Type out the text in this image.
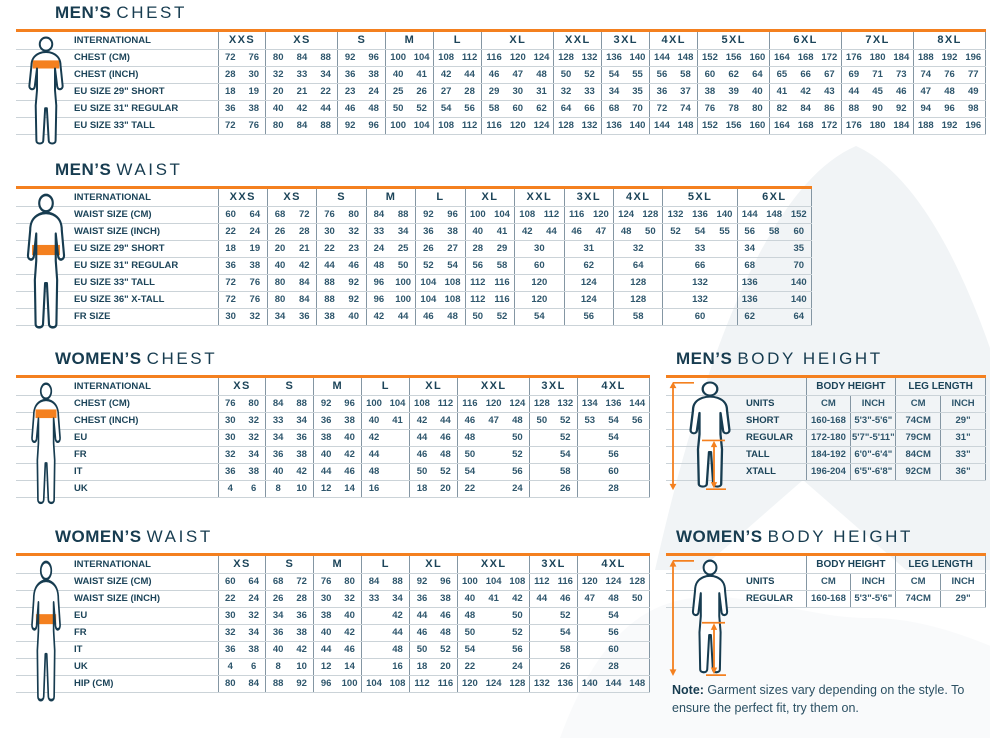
MEN’S CHEST
	INTERNATIONAL	XXS		XS			S		M		L		XL			XXL		3XL		4XL		5XL			6XL			7XL			8XL		
	CHEST (CM)	72	76	80	84	88	92	96	100	104	108	112	116	120	124	128	132	136	140	144	148	152	156	160	164	168	172	176	180	184	188	192	196
	CHEST (INCH)	28	30	32	33	34	36	38	40	41	42	44	46	47	48	50	52	54	55	56	58	60	62	64	65	66	67	69	71	73	74	76	77
	EU SIZE 29" SHORT	18	19	20	21	22	23	24	25	26	27	28	29	30	31	32	33	34	35	36	37	38	39	40	41	42	43	44	45	46	47	48	49
	EU SIZE 31" REGULAR	36	38	40	42	44	46	48	50	52	54	56	58	60	62	64	66	68	70	72	74	76	78	80	82	84	86	88	90	92	94	96	98
	EU SIZE 33" TALL	72	76	80	84	88	92	96	100	104	108	112	116	120	124	128	132	136	140	144	148	152	156	160	164	168	172	176	180	184	188	192	196
MEN’S WAIST
	INTERNATIONAL	XXS		XS		S		M		L		XL		XXL		3XL		4XL		5XL			6XL		
	WAIST SIZE (CM)	60	64	68	72	76	80	84	88	92	96	100	104	108	112	116	120	124	128	132	136	140	144	148	152
	WAIST SIZE (INCH)	22	24	26	28	30	32	33	34	36	38	40	41	42	44	46	47	48	50	52	54	55	56	58	60
	EU SIZE 29" SHORT	18	19	20	21	22	23	24	25	26	27	28	29	30		31		32		33			34		35
	EU SIZE 31" REGULAR	36	38	40	42	44	46	48	50	52	54	56	58	60		62		64		66			68		70
	EU SIZE 33" TALL	72	76	80	84	88	92	96	100	104	108	112	116	120		124		128		132			136		140
	EU SIZE 36" X-TALL	72	76	80	84	88	92	96	100	104	108	112	116	120		124		128		132			136		140
	FR SIZE	30	32	34	36	38	40	42	44	46	48	50	52	54		56		58		60			62		64
WOMEN’S CHEST
	INTERNATIONAL	XS		S		M		L		XL		XXL			3XL		4XL		
	CHEST (CM)	76	80	84	88	92	96	100	104	108	112	116	120	124	128	132	134	136	144
	CHEST (INCH)	30	32	33	34	36	38	40	41	42	44	46	47	48	50	52	53	54	56
	EU	30	32	34	36	38	40	42		44	46	48		50		52	54		
	FR	32	34	36	38	40	42	44		46	48	50		52		54	56		
	IT	36	38	40	42	44	46	48		50	52	54		56		58	60		
	UK	4	6	8	10	12	14	16		18	20	22		24		26	28		
MEN’S BODY HEIGHT
		BODY HEIGHT		LEG LENGTH	
	UNITS	CM	INCH	CM	INCH
	SHORT	160-168	5'3"-5'6"	74CM	29"
	REGULAR	172-180	5'7"-5'11"	79CM	31"
	TALL	184-192	6'0"-6'4"	84CM	33"
	XTALL	196-204	6'5"-6'8"	92CM	36"
WOMEN’S WAIST
	INTERNATIONAL	XS		S		M		L		XL		XXL			3XL		4XL		
	WAIST SIZE (CM)	60	64	68	72	76	80	84	88	92	96	100	104	108	112	116	120	124	128
	WAIST SIZE (INCH)	22	24	26	28	30	32	33	34	36	38	40	41	42	44	46	47	48	50
	EU	30	32	34	36	38	40		42	44	46	48		50		52	54		
	FR	32	34	36	38	40	42		44	46	48	50		52		54	56		
	IT	36	38	40	42	44	46		48	50	52	54		56		58	60		
	UK	4	6	8	10	12	14		16	18	20	22		24		26	28		
	HIP (CM)	80	84	88	92	96	100	104	108	112	116	120	124	128	132	136	140	144	148
WOMEN’S BODY HEIGHT
		BODY HEIGHT		LEG LENGTH	
	UNITS	CM	INCH	CM	INCH
	REGULAR	160-168	5'3"-5'6"	74CM	29"

Note: Garment sizes vary depending on the style. To ensure the perfect fit, try them on.
